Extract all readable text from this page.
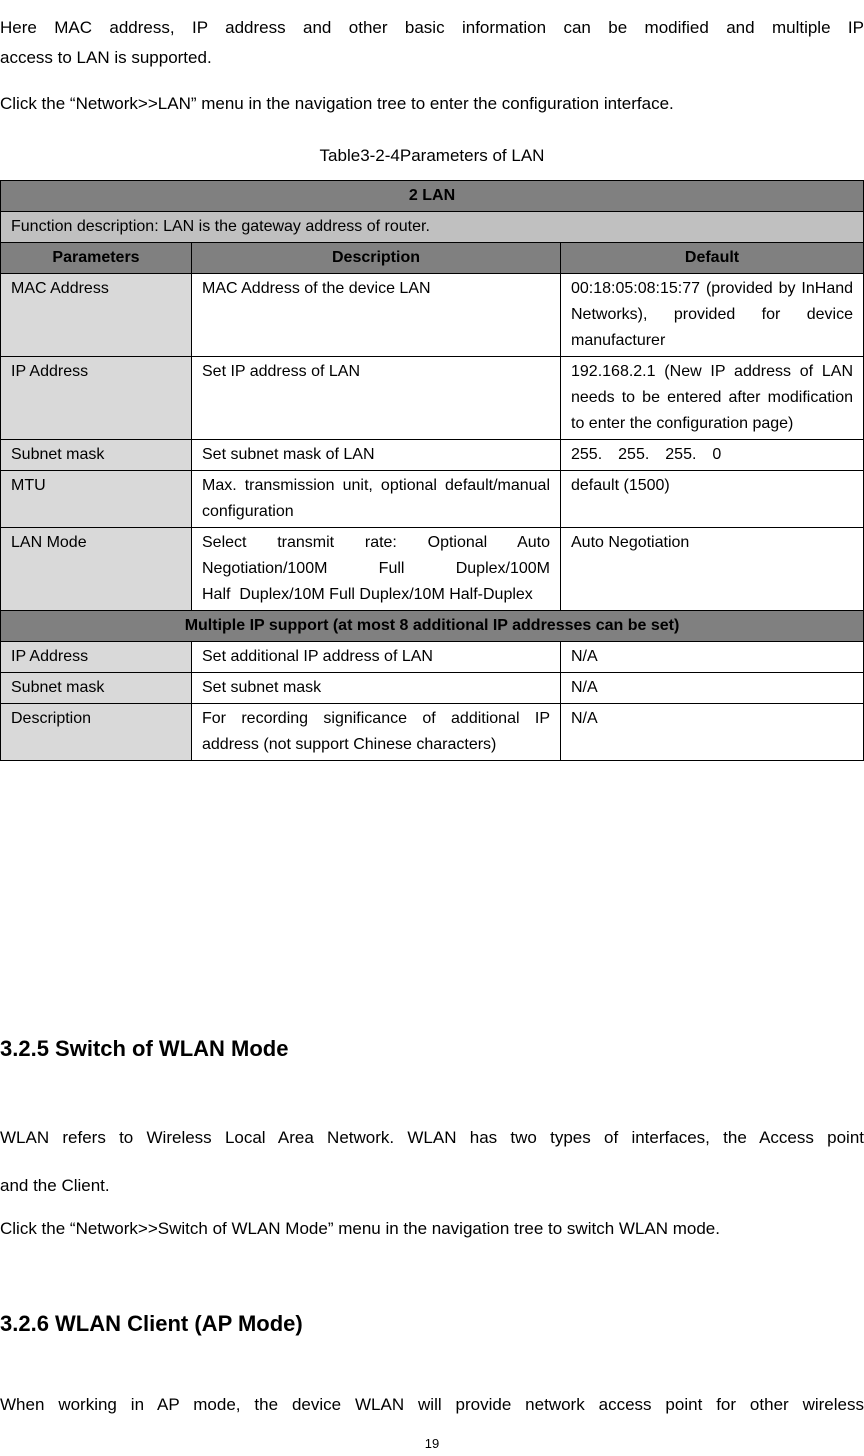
Here MAC address, IP address and other basic information can be modified and multiple IP
access to LAN is supported.
Click the “Network>>LAN” menu in the navigation tree to enter the configuration interface.
Table3-2-4Parameters of LAN
2 LAN		
Function description: LAN is the gateway address of router.		
Parameters	Description	Default
MAC Address	MAC Address of the device LAN	00:18:05:08:15:77 (provided by InHand Networks), provided for device manufacturer
IP Address	Set IP address of LAN	192.168.2.1 (New IP address of LAN needs to be entered after modification to enter the configuration page)
Subnet mask	Set subnet mask of LAN	255.　255.　255.　0
MTU	Max. transmission unit, optional default/manual configuration	default (1500)
LAN Mode	Select transmit rate: Optional Auto Negotiation/100M Full Duplex/100M Half  Duplex/10M Full Duplex/10M Half-Duplex	Auto Negotiation
Multiple IP support (at most 8 additional IP addresses can be set)		
IP Address	Set additional IP address of LAN	N/A
Subnet mask	Set subnet mask	N/A
Description	For recording significance of additional IP address (not support Chinese characters)	N/A
3.2.5 Switch of WLAN Mode
WLAN refers to Wireless Local Area Network. WLAN has two types of interfaces, the Access point
and the Client.
Click the “Network>>Switch of WLAN Mode” menu in the navigation tree to switch WLAN mode.
3.2.6 WLAN Client (AP Mode)
When working in AP mode, the device WLAN will provide network access point for other wireless
19
